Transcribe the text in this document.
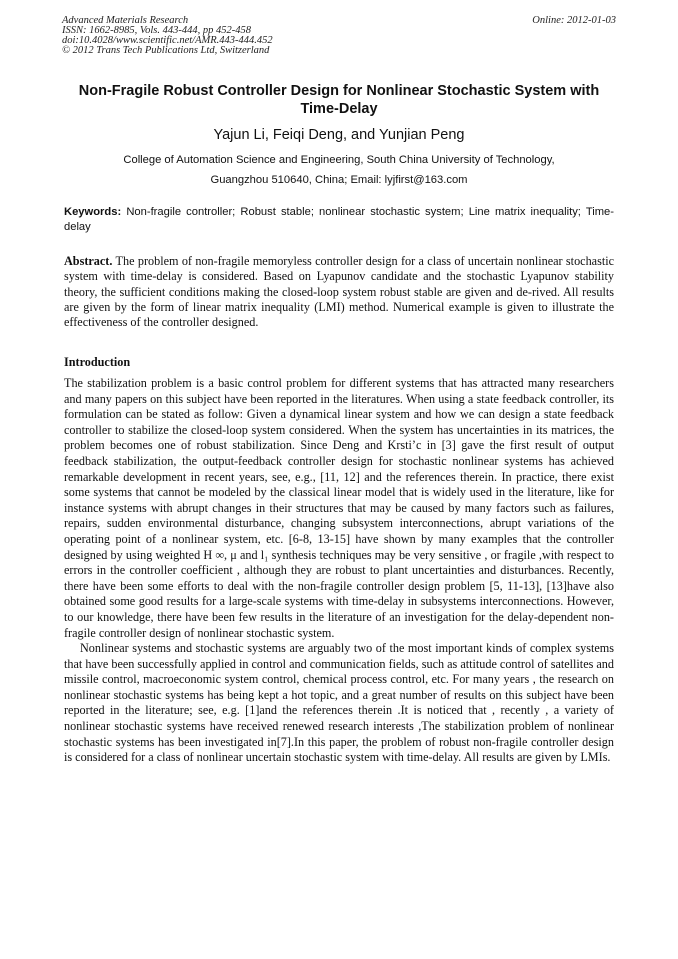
Advanced Materials Research
ISSN: 1662-8985, Vols. 443-444, pp 452-458
doi:10.4028/www.scientific.net/AMR.443-444.452
© 2012 Trans Tech Publications Ltd, Switzerland
Online: 2012-01-03
Non-Fragile Robust Controller Design for Nonlinear Stochastic System with Time-Delay
Yajun Li, Feiqi Deng, and Yunjian Peng
College of Automation Science and Engineering, South China University of Technology,
Guangzhou 510640, China; Email: lyjfirst@163.com
Keywords: Non-fragile controller; Robust stable; nonlinear stochastic system; Line matrix inequality; Time-delay
Abstract. The problem of non-fragile memoryless controller design for a class of uncertain nonlinear stochastic system with time-delay is considered. Based on Lyapunov candidate and the stochastic Lyapunov stability theory, the sufficient conditions making the closed-loop system robust stable are given and de-rived. All results are given by the form of linear matrix inequality (LMI) method. Numerical example is given to illustrate the effectiveness of the controller designed.
Introduction

The stabilization problem is a basic control problem for different systems that has attracted many researchers and many papers on this subject have been reported in the literatures. When using a state feedback controller, its formulation can be stated as follow: Given a dynamical linear system and how we can design a state feedback controller to stabilize the closed-loop system considered. When the system has uncertainties in its matrices, the problem becomes one of robust stabilization. Since Deng and Krsti’c in [3] gave the first result of output feedback stabilization, the output-feedback controller design for stochastic nonlinear systems has achieved remarkable development in recent years, see, e.g., [11, 12] and the references therein. In practice, there exist some systems that cannot be modeled by the classical linear model that is widely used in the literature, like for instance systems with abrupt changes in their structures that may be caused by many factors such as failures, repairs, sudden environmental disturbance, changing subsystem interconnections, abrupt variations of the operating point of a nonlinear system, etc. [6-8, 13-15] have shown by many examples that the controller designed by using weighted H ∞, μ and l₁ synthesis techniques may be very sensitive , or fragile ,with respect to errors in the controller coefficient , although they are robust to plant uncertainties and disturbances. Recently, there have been some efforts to deal with the non-fragile controller design problem [5, 11-13], [13]have also obtained some good results for a large-scale systems with time-delay in subsystems interconnections. However, to our knowledge, there have been few results in the literature of an investigation for the delay-dependent non-fragile controller design of nonlinear stochastic system.

Nonlinear systems and stochastic systems are arguably two of the most important kinds of complex systems that have been successfully applied in control and communication fields, such as attitude control of satellites and missile control, macroeconomic system control, chemical process control, etc. For many years , the research on nonlinear stochastic systems has being kept a hot topic, and a great number of results on this subject have been reported in the literature; see, e.g. [1]and the references therein .It is noticed that , recently , a variety of nonlinear stochastic systems have received renewed research interests ,The stabilization problem of nonlinear stochastic systems has been investigated in[7].In this paper, the problem of robust non-fragile controller design is considered for a class of nonlinear uncertain stochastic system with time-delay. All results are given by LMIs.
